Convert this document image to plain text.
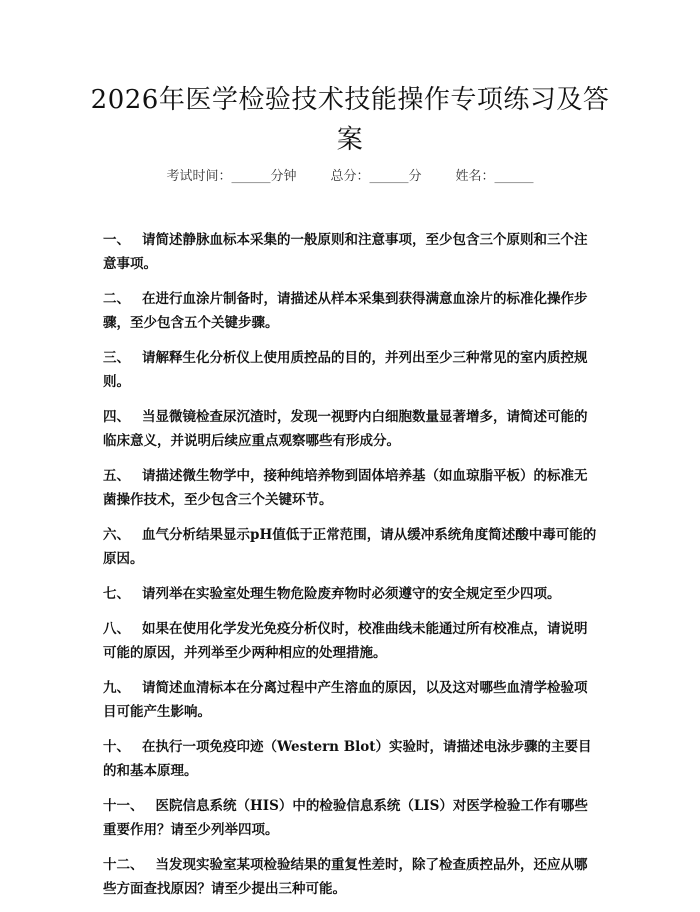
2026年医学检验技术技能操作专项练习及答案
考试时间：______分钟	总分：______分	姓名：______
一、 请简述静脉血标本采集的一般原则和注意事项，至少包含三个原则和三个注意事项。
二、 在进行血涂片制备时，请描述从样本采集到获得满意血涂片的标准化操作步骤，至少包含五个关键步骤。
三、 请解释生化分析仪上使用质控品的目的，并列出至少三种常见的室内质控规则。
四、 当显微镜检查尿沉渣时，发现一视野内白细胞数量显著增多，请简述可能的临床意义，并说明后续应重点观察哪些有形成分。
五、 请描述微生物学中，接种纯培养物到固体培养基（如血琼脂平板）的标准无菌操作技术，至少包含三个关键环节。
六、 血气分析结果显示pH值低于正常范围，请从缓冲系统角度简述酸中毒可能的原因。
七、 请列举在实验室处理生物危险废弃物时必须遵守的安全规定至少四项。
八、 如果在使用化学发光免疫分析仪时，校准曲线未能通过所有校准点，请说明可能的原因，并列举至少两种相应的处理措施。
九、 请简述血清标本在分离过程中产生溶血的原因，以及这对哪些血清学检验项目可能产生影响。
十、 在执行一项免疫印迹（Western Blot）实验时，请描述电泳步骤的主要目的和基本原理。
十一、 医院信息系统（HIS）中的检验信息系统（LIS）对医学检验工作有哪些重要作用？请至少列举四项。
十二、 当发现实验室某项检验结果的重复性差时，除了检查质控品外，还应从哪些方面查找原因？请至少提出三种可能。
